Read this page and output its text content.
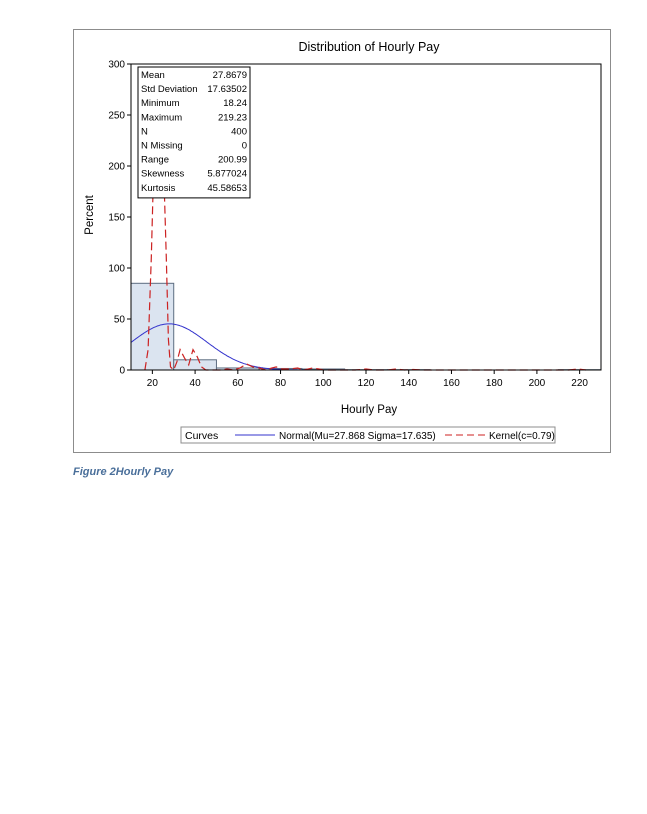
Distribution of Hourly Pay
20	40	60	80	100	120	140	160	180	200	220
0
50
100
150
200
250
300
Mean	27.8679
Std Deviation 17.63502
Minimum	18.24
Maximum	219.23
N	400
N Missing	0
Range	200.99
Skewness 5.877024
Kurtosis	45.58653
Hourly Pay
Percent
Curves	Normal(Mu=27.868 Sigma=17.635)	Kernel(c=0.79)
Figure 2Hourly Pay
